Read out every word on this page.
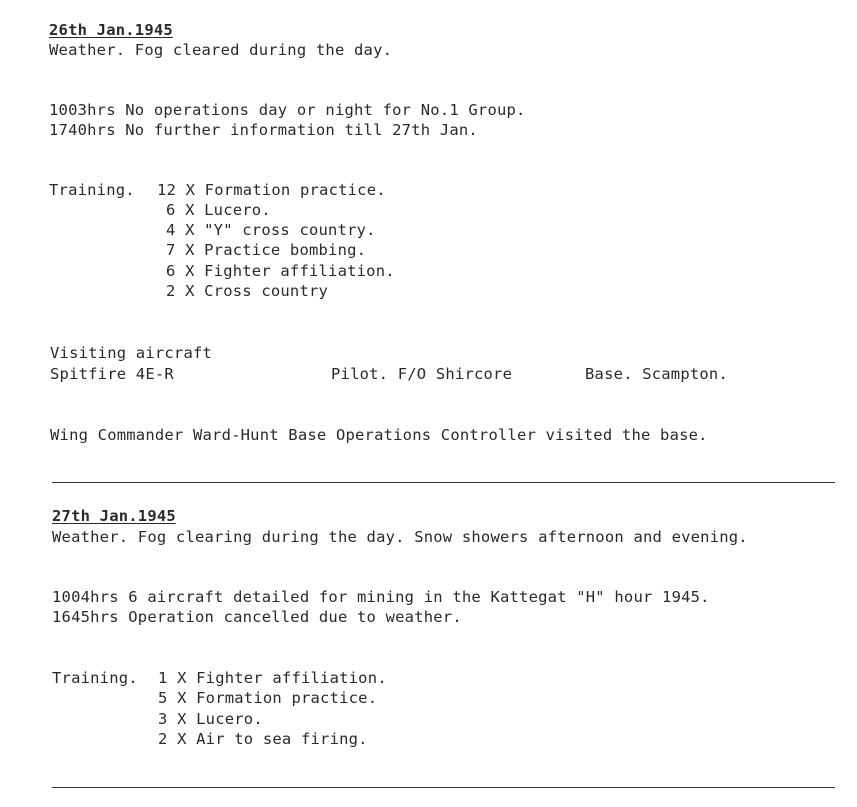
26th Jan.1945
Weather. Fog cleared during the day.
1003hrs No operations day or night for No.1 Group.
1740hrs No further information till 27th Jan.
Training. 12 X Formation practice.
6 X Lucero.
4 X "Y" cross country.
7 X Practice bombing.
6 X Fighter affiliation.
2 X Cross country
Visiting aircraft
Spitfire 4E-R	Pilot. F/O Shircore	Base. Scampton.
Wing Commander Ward-Hunt Base Operations Controller visited the base.
27th Jan.1945
Weather. Fog clearing during the day. Snow showers afternoon and evening.
1004hrs 6 aircraft detailed for mining in the Kattegat "H" hour 1945.
1645hrs Operation cancelled due to weather.
Training. 1 X Fighter affiliation.
5 X Formation practice.
3 X Lucero.
2 X Air to sea firing.
